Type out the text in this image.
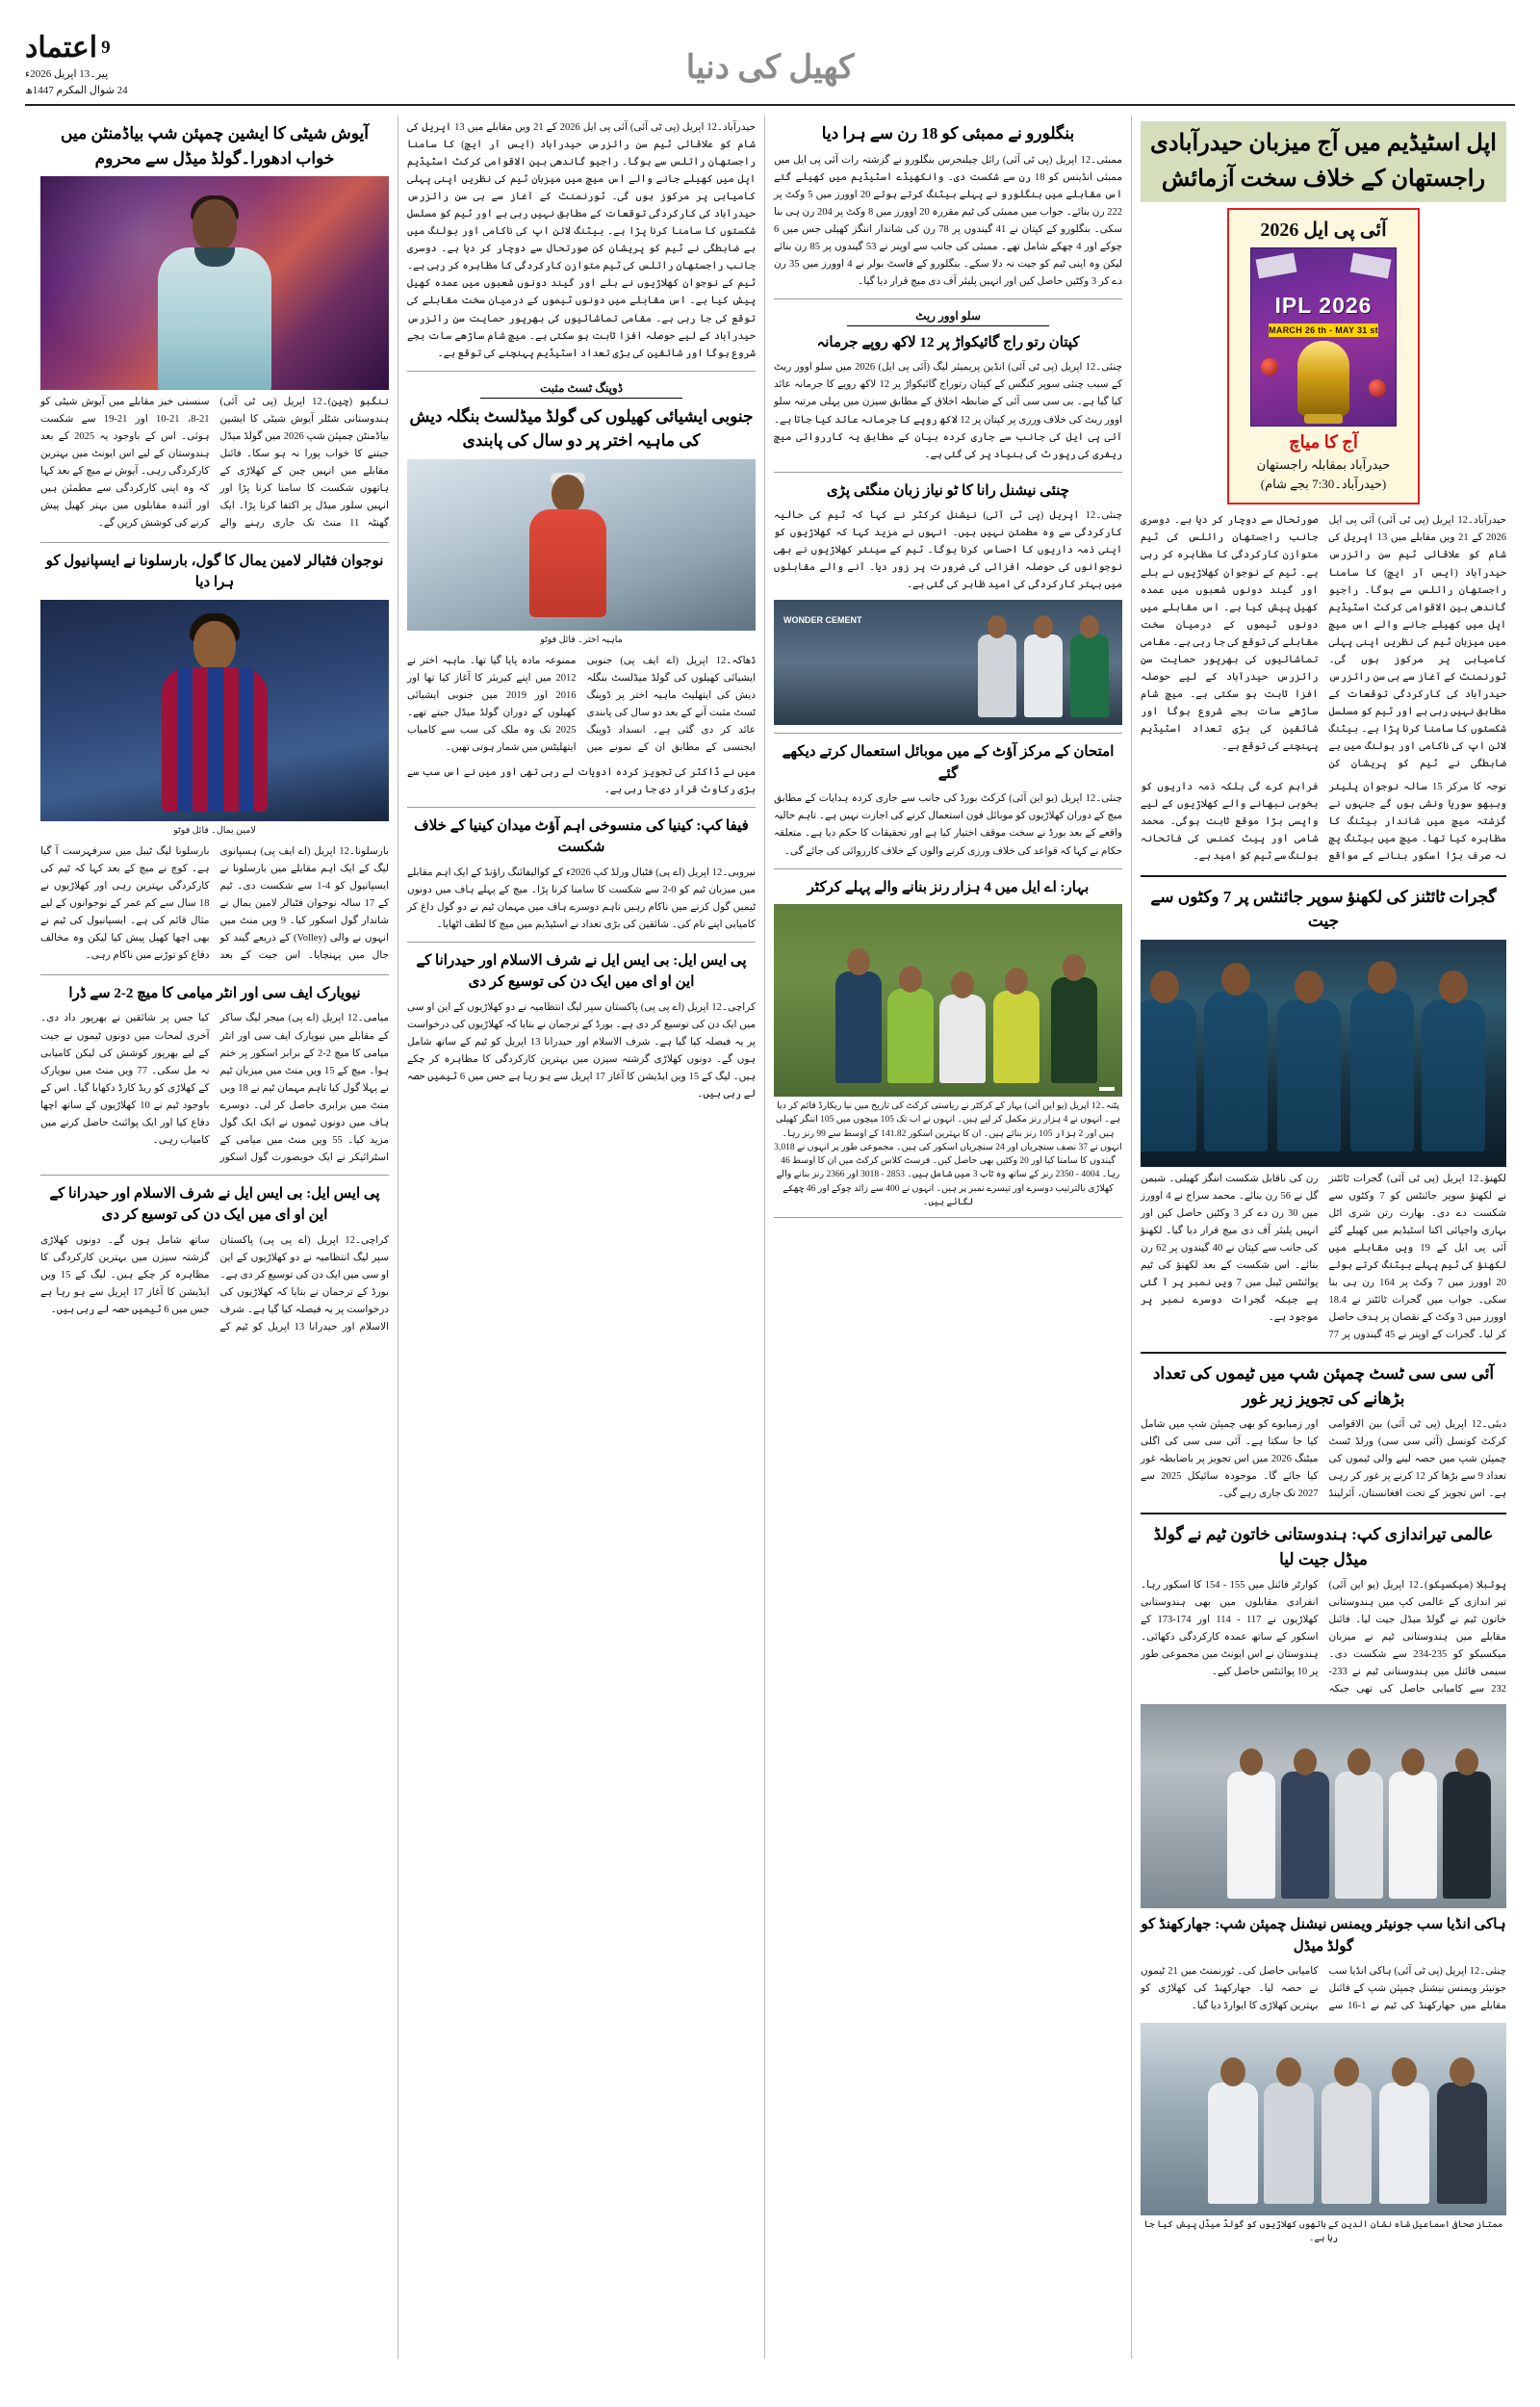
9 اعتماد
پیر۔13 اپریل 2026ء
24 شوال المکرم 1447ھ
کھیل کی دنیا
اپل اسٹیڈیم میں آج میزبان حیدرآبادی راجستھان کے خلاف سخت آزمائش
آئی پی ایل 2026
IPL 2026
MARCH 26 th - MAY 31 st
آج کا میاچ
حیدرآباد بمقابلہ راجستھان
(حیدرآباد۔7:30 بجے شام)

حیدرآباد۔12 اپریل (پی ٹی آئی) آئی پی ایل 2026 کے 21 ویں مقابلے میں 13 اپریل کی شام کو علاقائی ٹیم سن رائزرس حیدرآباد (ایس آر ایچ) کا سامنا راجستھان رائلس سے ہوگا۔ راجیو گاندھی بین الاقوامی کرکٹ اسٹیڈیم اپل میں کھیلے جانے والے اس میچ میں میزبان ٹیم کی نظریں اپنی پہلی کامیابی پر مرکوز ہوں گی۔ ٹورنمنٹ کے آغاز سے ہی سن رائزرس حیدرآباد کی کارکردگی توقعات کے مطابق نہیں رہی ہے اور ٹیم کو مسلسل شکستوں کا سامنا کرنا پڑا ہے۔ بیٹنگ لائن اپ کی ناکامی اور بولنگ میں بے ضابطگی نے ٹیم کو پریشان کن صورتحال سے دوچار کر دیا ہے۔ دوسری جانب راجستھان رائلس کی ٹیم متوازن کارکردگی کا مظاہرہ کر رہی ہے۔ ٹیم کے نوجوان کھلاڑیوں نے بلے اور گیند دونوں شعبوں میں عمدہ کھیل پیش کیا ہے۔ اس مقابلے میں دونوں ٹیموں کے درمیان سخت مقابلے کی توقع کی جا رہی ہے۔ مقامی تماشائیوں کی بھرپور حمایت سن رائزرس حیدرآباد کے لیے حوصلہ افزا ثابت ہو سکتی ہے۔ میچ شام ساڑھے سات بجے شروع ہوگا اور شائقین کی بڑی تعداد اسٹیڈیم پہنچنے کی توقع ہے۔

توجہ کا مرکز 15 سالہ نوجوان پلیئر وہبھو سوریا ونشی ہوں گے جنہوں نے گزشتہ میچ میں شاندار بیٹنگ کا مظاہرہ کیا تھا۔ میچ میں بیٹنگ پچ نہ صرف بڑا اسکور بنانے کے مواقع فراہم کرے گی بلکہ ذمہ داریوں کو بخوبی نبھانے والے کھلاڑیوں کے لیے واپسی بڑا موقع ثابت ہوگی۔ محمد شامی اور پیٹ کمنس کی فاتحانہ بولنگ سے ٹیم کو امید ہے۔

گجرات ٹائٹنز کی لکھنؤ سوپر جائنٹس پر 7 وکٹوں سے جیت

لکھنؤ۔12 اپریل (پی ٹی آئی) گجرات ٹائٹنز نے لکھنؤ سوپر جائنٹس کو 7 وکٹوں سے شکست دے دی۔ بھارت رتن شری اٹل بہاری واجپائی اکنا اسٹیڈیم میں کھیلے گئے آئی پی ایل کے 19 ویں مقابلے میں لکھنؤ کی ٹیم پہلے بیٹنگ کرتے ہوئے 20 اوورز میں 7 وکٹ پر 164 رن ہی بنا سکی۔ جواب میں گجرات ٹائٹنز نے 18.4 اوورز میں 3 وکٹ کے نقصان پر ہدف حاصل کر لیا۔ گجرات کے اوپنر نے 45 گیندوں پر 77 رن کی ناقابل شکست اننگز کھیلی۔ شبمن گل نے 56 رن بنائے۔ محمد سراج نے 4 اوورز میں 30 رن دے کر 3 وکٹیں حاصل کیں اور انہیں پلیئر آف دی میچ قرار دیا گیا۔ لکھنؤ کی جانب سے کپتان نے 40 گیندوں پر 62 رن بنائے۔ اس شکست کے بعد لکھنؤ کی ٹیم پوائنٹس ٹیبل میں 7 ویں نمبر پر آ گئی ہے جبکہ گجرات دوسرے نمبر پر موجود ہے۔

آئی سی سی ٹسٹ چمپئن شپ میں ٹیموں کی تعداد بڑھانے کی تجویز زیر غور

دبئی۔12 اپریل (پی ٹی آئی) بین الاقوامی کرکٹ کونسل (آئی سی سی) ورلڈ ٹسٹ چمپئن شپ میں حصہ لینے والی ٹیموں کی تعداد 9 سے بڑھا کر 12 کرنے پر غور کر رہی ہے۔ اس تجویز کے تحت افغانستان، آئرلینڈ اور زمبابوے کو بھی چمپئن شپ میں شامل کیا جا سکتا ہے۔ آئی سی سی کی اگلی میٹنگ 2026 میں اس تجویز پر باضابطہ غور کیا جائے گا۔ موجودہ سائیکل 2025 سے 2027 تک جاری رہے گی۔

عالمی تیراندازی کپ: ہندوستانی خاتون ٹیم نے گولڈ میڈل جیت لیا

پوئبلا (میکسیکو)۔12 اپریل (یو این آئی) تیر اندازی کے عالمی کپ میں ہندوستانی خاتون ٹیم نے گولڈ میڈل جیت لیا۔ فائنل مقابلے میں ہندوستانی ٹیم نے میزبان میکسیکو کو 235-234 سے شکست دی۔ سیمی فائنل میں ہندوستانی ٹیم نے 233-232 سے کامیابی حاصل کی تھی جبکہ کوارٹر فائنل میں 155 - 154 کا اسکور رہا۔ انفرادی مقابلوں میں بھی ہندوستانی کھلاڑیوں نے 117 - 114 اور 174-173 کے اسکور کے ساتھ عمدہ کارکردگی دکھائی۔ ہندوستان نے اس ایونٹ میں مجموعی طور پر 10 پوائنٹس حاصل کیے۔

ہاکی انڈیا سب جونیئر ویمنس نیشنل چمپئن شپ: جھارکھنڈ کو گولڈ میڈل

چنئی۔12 اپریل (پی ٹی آئی) ہاکی انڈیا سب جونیئر ویمنس نیشنل چمپئن شپ کے فائنل مقابلے میں جھارکھنڈ کی ٹیم نے 1-16 سے کامیابی حاصل کی۔ ٹورنمنٹ میں 21 ٹیموں نے حصہ لیا۔ جھارکھنڈ کی کھلاڑی کو بہترین کھلاڑی کا ایوارڈ دیا گیا۔

ممتاز صحافی اسماعیل شاہ نشان الدین کے ہاتھوں کھلاڑیوں کو گولڈ میڈل پیش کیا جا رہا ہے۔
بنگلورو نے ممبئی کو 18 رن سے ہرا دیا

ممبئی۔12 اپریل (پی ٹی آئی) رائل چیلنجرس بنگلورو نے گزشتہ رات آئی پی ایل میں ممبئی انڈینس کو 18 رن سے شکست دی۔ وانکھیڈے اسٹیڈیم میں کھیلے گئے اس مقابلے میں بنگلورو نے پہلے بیٹنگ کرتے ہوئے 20 اوورز میں 5 وکٹ پر 222 رن بنائے۔ جواب میں ممبئی کی ٹیم مقررہ 20 اوورز میں 8 وکٹ پر 204 رن ہی بنا سکی۔ بنگلورو کے کپتان نے 41 گیندوں پر 78 رن کی شاندار اننگز کھیلی جس میں 6 چوکے اور 4 چھکے شامل تھے۔ ممبئی کی جانب سے اوپنر نے 53 گیندوں پر 85 رن بنائے لیکن وہ اپنی ٹیم کو جیت نہ دلا سکے۔ بنگلورو کے فاسٹ بولر نے 4 اوورز میں 35 رن دے کر 3 وکٹیں حاصل کیں اور انہیں پلیئر آف دی میچ قرار دیا گیا۔

سلو اوور ریٹ
کپتان رتو راج گائیکواڑ پر 12 لاکھ روپے جرمانہ

چنئی۔12 اپریل (پی ٹی آئی) انڈین پریمیئر لیگ (آئی پی ایل) 2026 میں سلو اوور ریٹ کے سبب چنئی سوپر کنگس کے کپتان رتوراج گائیکواڑ پر 12 لاکھ روپے کا جرمانہ عائد کیا گیا ہے۔ بی سی سی آئی کے ضابطہ اخلاق کے مطابق سیزن میں پہلی مرتبہ سلو اوور ریٹ کی خلاف ورزی پر کپتان پر 12 لاکھ روپے کا جرمانہ عائد کیا جاتا ہے۔ آئی پی ایل کی جانب سے جاری کردہ بیان کے مطابق یہ کارروائی میچ ریفری کی رپورٹ کی بنیاد پر کی گئی ہے۔

چنئی نیشنل رانا کا ٹو نیاز زبان منگئی پڑی

چنئی۔12 اپریل (پی ٹی آئی) نیشنل کرکٹر نے کہا کہ ٹیم کی حالیہ کارکردگی سے وہ مطمئن نہیں ہیں۔ انہوں نے مزید کہا کہ کھلاڑیوں کو اپنی ذمہ داریوں کا احساس کرنا ہوگا۔ ٹیم کے سینئر کھلاڑیوں نے بھی نوجوانوں کی حوصلہ افزائی کی ضرورت پر زور دیا۔ آنے والے مقابلوں میں بہتر کارکردگی کی امید ظاہر کی گئی ہے۔

WONDER CEMENT
امتحان کے مرکز آؤٹ کے میں موبائل استعمال کرتے دیکھے گئے

چنئی۔12 اپریل (یو این آئی) کرکٹ بورڈ کی جانب سے جاری کردہ ہدایات کے مطابق میچ کے دوران کھلاڑیوں کو موبائل فون استعمال کرنے کی اجازت نہیں ہے۔ تاہم حالیہ واقعے کے بعد بورڈ نے سخت موقف اختیار کیا ہے اور تحقیقات کا حکم دیا ہے۔ متعلقہ حکام نے کہا کہ قواعد کی خلاف ورزی کرنے والوں کے خلاف کارروائی کی جائے گی۔

بہار: اے ایل میں 4 ہزار رنز بنانے والے پہلے کرکٹر
پٹنہ۔12 اپریل (یو این آئی) بہار کے کرکٹر نے ریاستی کرکٹ کی تاریخ میں نیا ریکارڈ قائم کر دیا ہے۔ انہوں نے 4 ہزار رنز مکمل کر لیے ہیں۔ انہوں نے اب تک 105 میچوں میں 105 اننگز کھیلی ہیں اور 2 ہزار 105 رنز بنائے ہیں۔ ان کا بہترین اسکور 141.82 کے اوسط سے 99 رنز رہا۔ انہوں نے 37 نصف سنچریاں اور 24 سنچریاں اسکور کی ہیں۔ مجموعی طور پر انہوں نے 3,018 گیندوں کا سامنا کیا اور 20 وکٹیں بھی حاصل کیں۔ فرسٹ کلاس کرکٹ میں ان کا اوسط 46 رہا۔ 4004 - 2350 رنز کے ساتھ وہ ٹاپ 3 میں شامل ہیں۔ 2853 - 3018 اور 2366 رنز بنانے والے کھلاڑی بالترتیب دوسرے اور تیسرے نمبر پر ہیں۔ انہوں نے 400 سے زائد چوکے اور 46 چھکے لگائے ہیں۔

حیدرآباد۔12 اپریل (پی ٹی آئی) آئی پی ایل 2026 کے 21 ویں مقابلے میں 13 اپریل کی شام کو علاقائی ٹیم سن رائزرس حیدرآباد (ایس آر ایچ) کا سامنا راجستھان رائلس سے ہوگا۔ راجیو گاندھی بین الاقوامی کرکٹ اسٹیڈیم اپل میں کھیلے جانے والے اس میچ میں میزبان ٹیم کی نظریں اپنی پہلی کامیابی پر مرکوز ہوں گی۔ ٹورنمنٹ کے آغاز سے ہی سن رائزرس حیدرآباد کی کارکردگی توقعات کے مطابق نہیں رہی ہے اور ٹیم کو مسلسل شکستوں کا سامنا کرنا پڑا ہے۔ بیٹنگ لائن اپ کی ناکامی اور بولنگ میں بے ضابطگی نے ٹیم کو پریشان کن صورتحال سے دوچار کر دیا ہے۔ دوسری جانب راجستھان رائلس کی ٹیم متوازن کارکردگی کا مظاہرہ کر رہی ہے۔ ٹیم کے نوجوان کھلاڑیوں نے بلے اور گیند دونوں شعبوں میں عمدہ کھیل پیش کیا ہے۔ اس مقابلے میں دونوں ٹیموں کے درمیان سخت مقابلے کی توقع کی جا رہی ہے۔ مقامی تماشائیوں کی بھرپور حمایت سن رائزرس حیدرآباد کے لیے حوصلہ افزا ثابت ہو سکتی ہے۔ میچ شام ساڑھے سات بجے شروع ہوگا اور شائقین کی بڑی تعداد اسٹیڈیم پہنچنے کی توقع ہے۔

ڈوپنگ ٹسٹ مثبت
جنوبی ایشیائی کھیلوں کی گولڈ میڈلسٹ بنگلہ دیش کی ماہیہ اختر پر دو سال کی پابندی
ماہیہ اختر۔ فائل فوٹو

ڈھاکہ۔12 اپریل (اے ایف پی) جنوبی ایشیائی کھیلوں کی گولڈ میڈلسٹ بنگلہ دیش کی ایتھلیٹ ماہیہ اختر پر ڈوپنگ ٹسٹ مثبت آنے کے بعد دو سال کی پابندی عائد کر دی گئی ہے۔ انسداد ڈوپنگ ایجنسی کے مطابق ان کے نمونے میں ممنوعہ مادہ پایا گیا تھا۔ ماہیہ اختر نے 2012 میں اپنے کیریئر کا آغاز کیا تھا اور 2016 اور 2019 میں جنوبی ایشیائی کھیلوں کے دوران گولڈ میڈل جیتے تھے۔ 2025 تک وہ ملک کی سب سے کامیاب ایتھلیٹس میں شمار ہوتی تھیں۔

میں نے ڈاکٹر کی تجویز کردہ ادویات لے رہی تھی اور میں نے اس سب سے بڑی رکاوٹ قرار دی جا رہی ہے۔

فیفا کپ: کینیا کی منسوخی اہم آؤٹ میدان کینیا کے خلاف شکست

نیروبی۔12 اپریل (اے پی) فٹبال ورلڈ کپ 2026ء کے کوالیفائنگ راؤنڈ کے ایک اہم مقابلے میں میزبان ٹیم کو 0-2 سے شکست کا سامنا کرنا پڑا۔ میچ کے پہلے ہاف میں دونوں ٹیمیں گول کرنے میں ناکام رہیں تاہم دوسرے ہاف میں مہمان ٹیم نے دو گول داغ کر کامیابی اپنے نام کی۔ شائقین کی بڑی تعداد نے اسٹیڈیم میں میچ کا لطف اٹھایا۔

پی ایس ایل: بی ایس ایل نے شرف الاسلام اور حیدرانا کے این او ای میں ایک دن کی توسیع کر دی

کراچی۔12 اپریل (اے پی پی) پاکستان سپر لیگ انتظامیہ نے دو کھلاڑیوں کے این او سی میں ایک دن کی توسیع کر دی ہے۔ بورڈ کے ترجمان نے بتایا کہ کھلاڑیوں کی درخواست پر یہ فیصلہ کیا گیا ہے۔ شرف الاسلام اور حیدرانا 13 اپریل کو ٹیم کے ساتھ شامل ہوں گے۔ دونوں کھلاڑی گزشتہ سیزن میں بہترین کارکردگی کا مظاہرہ کر چکے ہیں۔ لیگ کے 15 ویں ایڈیشن کا آغاز 17 اپریل سے ہو رہا ہے جس میں 6 ٹیمیں حصہ لے رہی ہیں۔

آیوش شیٹی کا ایشین چمپئن شپ بیاڈمنٹن میں خواب ادھورا۔گولڈ میڈل سے محروم

ننگبو (چین)۔12 اپریل (پی ٹی آئی) ہندوستانی شٹلر آیوش شیٹی کا ایشین بیاڈمنٹن چمپئن شپ 2026 میں گولڈ میڈل جیتنے کا خواب پورا نہ ہو سکا۔ فائنل مقابلے میں انہیں چین کے کھلاڑی کے ہاتھوں شکست کا سامنا کرنا پڑا اور انہیں سلور میڈل پر اکتفا کرنا پڑا۔ ایک گھنٹہ 11 منٹ تک جاری رہنے والے سنسنی خیز مقابلے میں آیوش شیٹی کو 21-8، 21-10 اور 21-19 سے شکست ہوئی۔ اس کے باوجود یہ 2025 کے بعد ہندوستان کے لیے اس ایونٹ میں بہترین کارکردگی رہی۔ آیوش نے میچ کے بعد کہا کہ وہ اپنی کارکردگی سے مطمئن ہیں اور آئندہ مقابلوں میں بہتر کھیل پیش کرنے کی کوشش کریں گے۔

نوجوان فٹبالر لامین یمال کا گول، بارسلونا نے ایسپانیول کو ہرا دیا
لامین یمال۔ فائل فوٹو

بارسلونا۔12 اپریل (اے ایف پی) ہسپانوی لیگ کے ایک اہم مقابلے میں بارسلونا نے ایسپانیول کو 4-1 سے شکست دی۔ ٹیم کے 17 سالہ نوجوان فٹبالر لامین یمال نے شاندار گول اسکور کیا۔ 9 ویں منٹ میں انہوں نے والی (Volley) کے ذریعے گیند کو جال میں پہنچایا۔ اس جیت کے بعد بارسلونا لیگ ٹیبل میں سرفہرست آ گیا ہے۔ کوچ نے میچ کے بعد کہا کہ ٹیم کی کارکردگی بہترین رہی اور کھلاڑیوں نے 18 سال سے کم عمر کے نوجوانوں کے لیے مثال قائم کی ہے۔ ایسپانیول کی ٹیم نے بھی اچھا کھیل پیش کیا لیکن وہ مخالف دفاع کو توڑنے میں ناکام رہی۔

نیویارک ایف سی اور انٹر میامی کا میچ 2-2 سے ڈرا

میامی۔12 اپریل (اے پی) میجر لیگ ساکر کے مقابلے میں نیویارک ایف سی اور انٹر میامی کا میچ 2-2 کے برابر اسکور پر ختم ہوا۔ میچ کے 15 ویں منٹ میں میزبان ٹیم نے پہلا گول کیا تاہم مہمان ٹیم نے 18 ویں منٹ میں برابری حاصل کر لی۔ دوسرے ہاف میں دونوں ٹیموں نے ایک ایک گول مزید کیا۔ 55 ویں منٹ میں میامی کے اسٹرائیکر نے ایک خوبصورت گول اسکور کیا جس پر شائقین نے بھرپور داد دی۔ آخری لمحات میں دونوں ٹیموں نے جیت کے لیے بھرپور کوشش کی لیکن کامیابی نہ مل سکی۔ 77 ویں منٹ میں نیویارک کے کھلاڑی کو ریڈ کارڈ دکھایا گیا۔ اس کے باوجود ٹیم نے 10 کھلاڑیوں کے ساتھ اچھا دفاع کیا اور ایک پوائنٹ حاصل کرنے میں کامیاب رہی۔

پی ایس ایل: بی ایس ایل نے شرف الاسلام اور حیدرانا کے این او ای میں ایک دن کی توسیع کر دی

کراچی۔12 اپریل (اے پی پی) پاکستان سپر لیگ انتظامیہ نے دو کھلاڑیوں کے این او سی میں ایک دن کی توسیع کر دی ہے۔ بورڈ کے ترجمان نے بتایا کہ کھلاڑیوں کی درخواست پر یہ فیصلہ کیا گیا ہے۔ شرف الاسلام اور حیدرانا 13 اپریل کو ٹیم کے ساتھ شامل ہوں گے۔ دونوں کھلاڑی گزشتہ سیزن میں بہترین کارکردگی کا مظاہرہ کر چکے ہیں۔ لیگ کے 15 ویں ایڈیشن کا آغاز 17 اپریل سے ہو رہا ہے جس میں 6 ٹیمیں حصہ لے رہی ہیں۔
